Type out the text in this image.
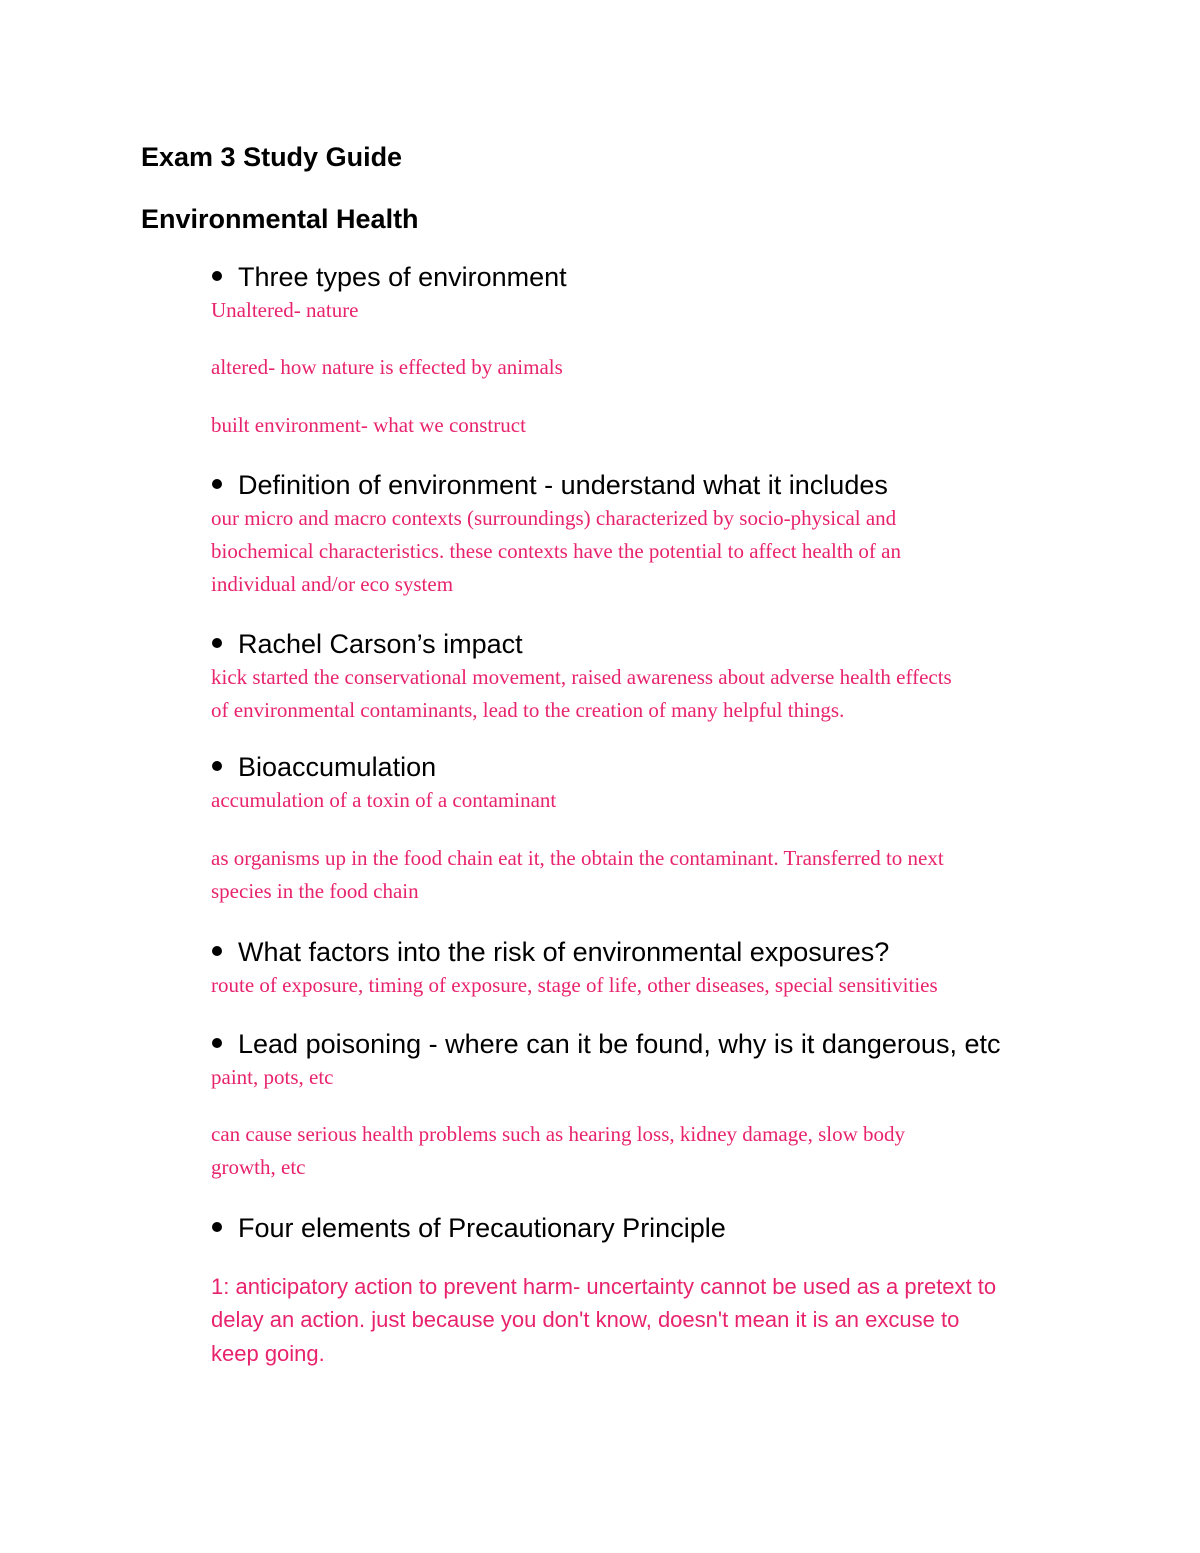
Exam 3 Study Guide
Environmental Health
Three types of environment

Unaltered- nature

altered- how nature is effected by animals

built environment- what we construct

Definition of environment - understand what it includes

our micro and macro contexts (surroundings) characterized by socio-physical and

biochemical characteristics. these contexts have the potential to affect health of an

individual and/or eco system

Rachel Carson’s impact

kick started the conservational movement, raised awareness about adverse health effects

of environmental contaminants, lead to the creation of many helpful things.

Bioaccumulation

accumulation of a toxin of a contaminant

as organisms up in the food chain eat it, the obtain the contaminant. Transferred to next

species in the food chain

What factors into the risk of environmental exposures?

route of exposure, timing of exposure, stage of life, other diseases, special sensitivities

Lead poisoning - where can it be found, why is it dangerous, etc

paint, pots, etc

can cause serious health problems such as hearing loss, kidney damage, slow body

growth, etc

Four elements of Precautionary Principle

1: anticipatory action to prevent harm- uncertainty cannot be used as a pretext to

delay an action. just because you don't know, doesn't mean it is an excuse to

keep going.
